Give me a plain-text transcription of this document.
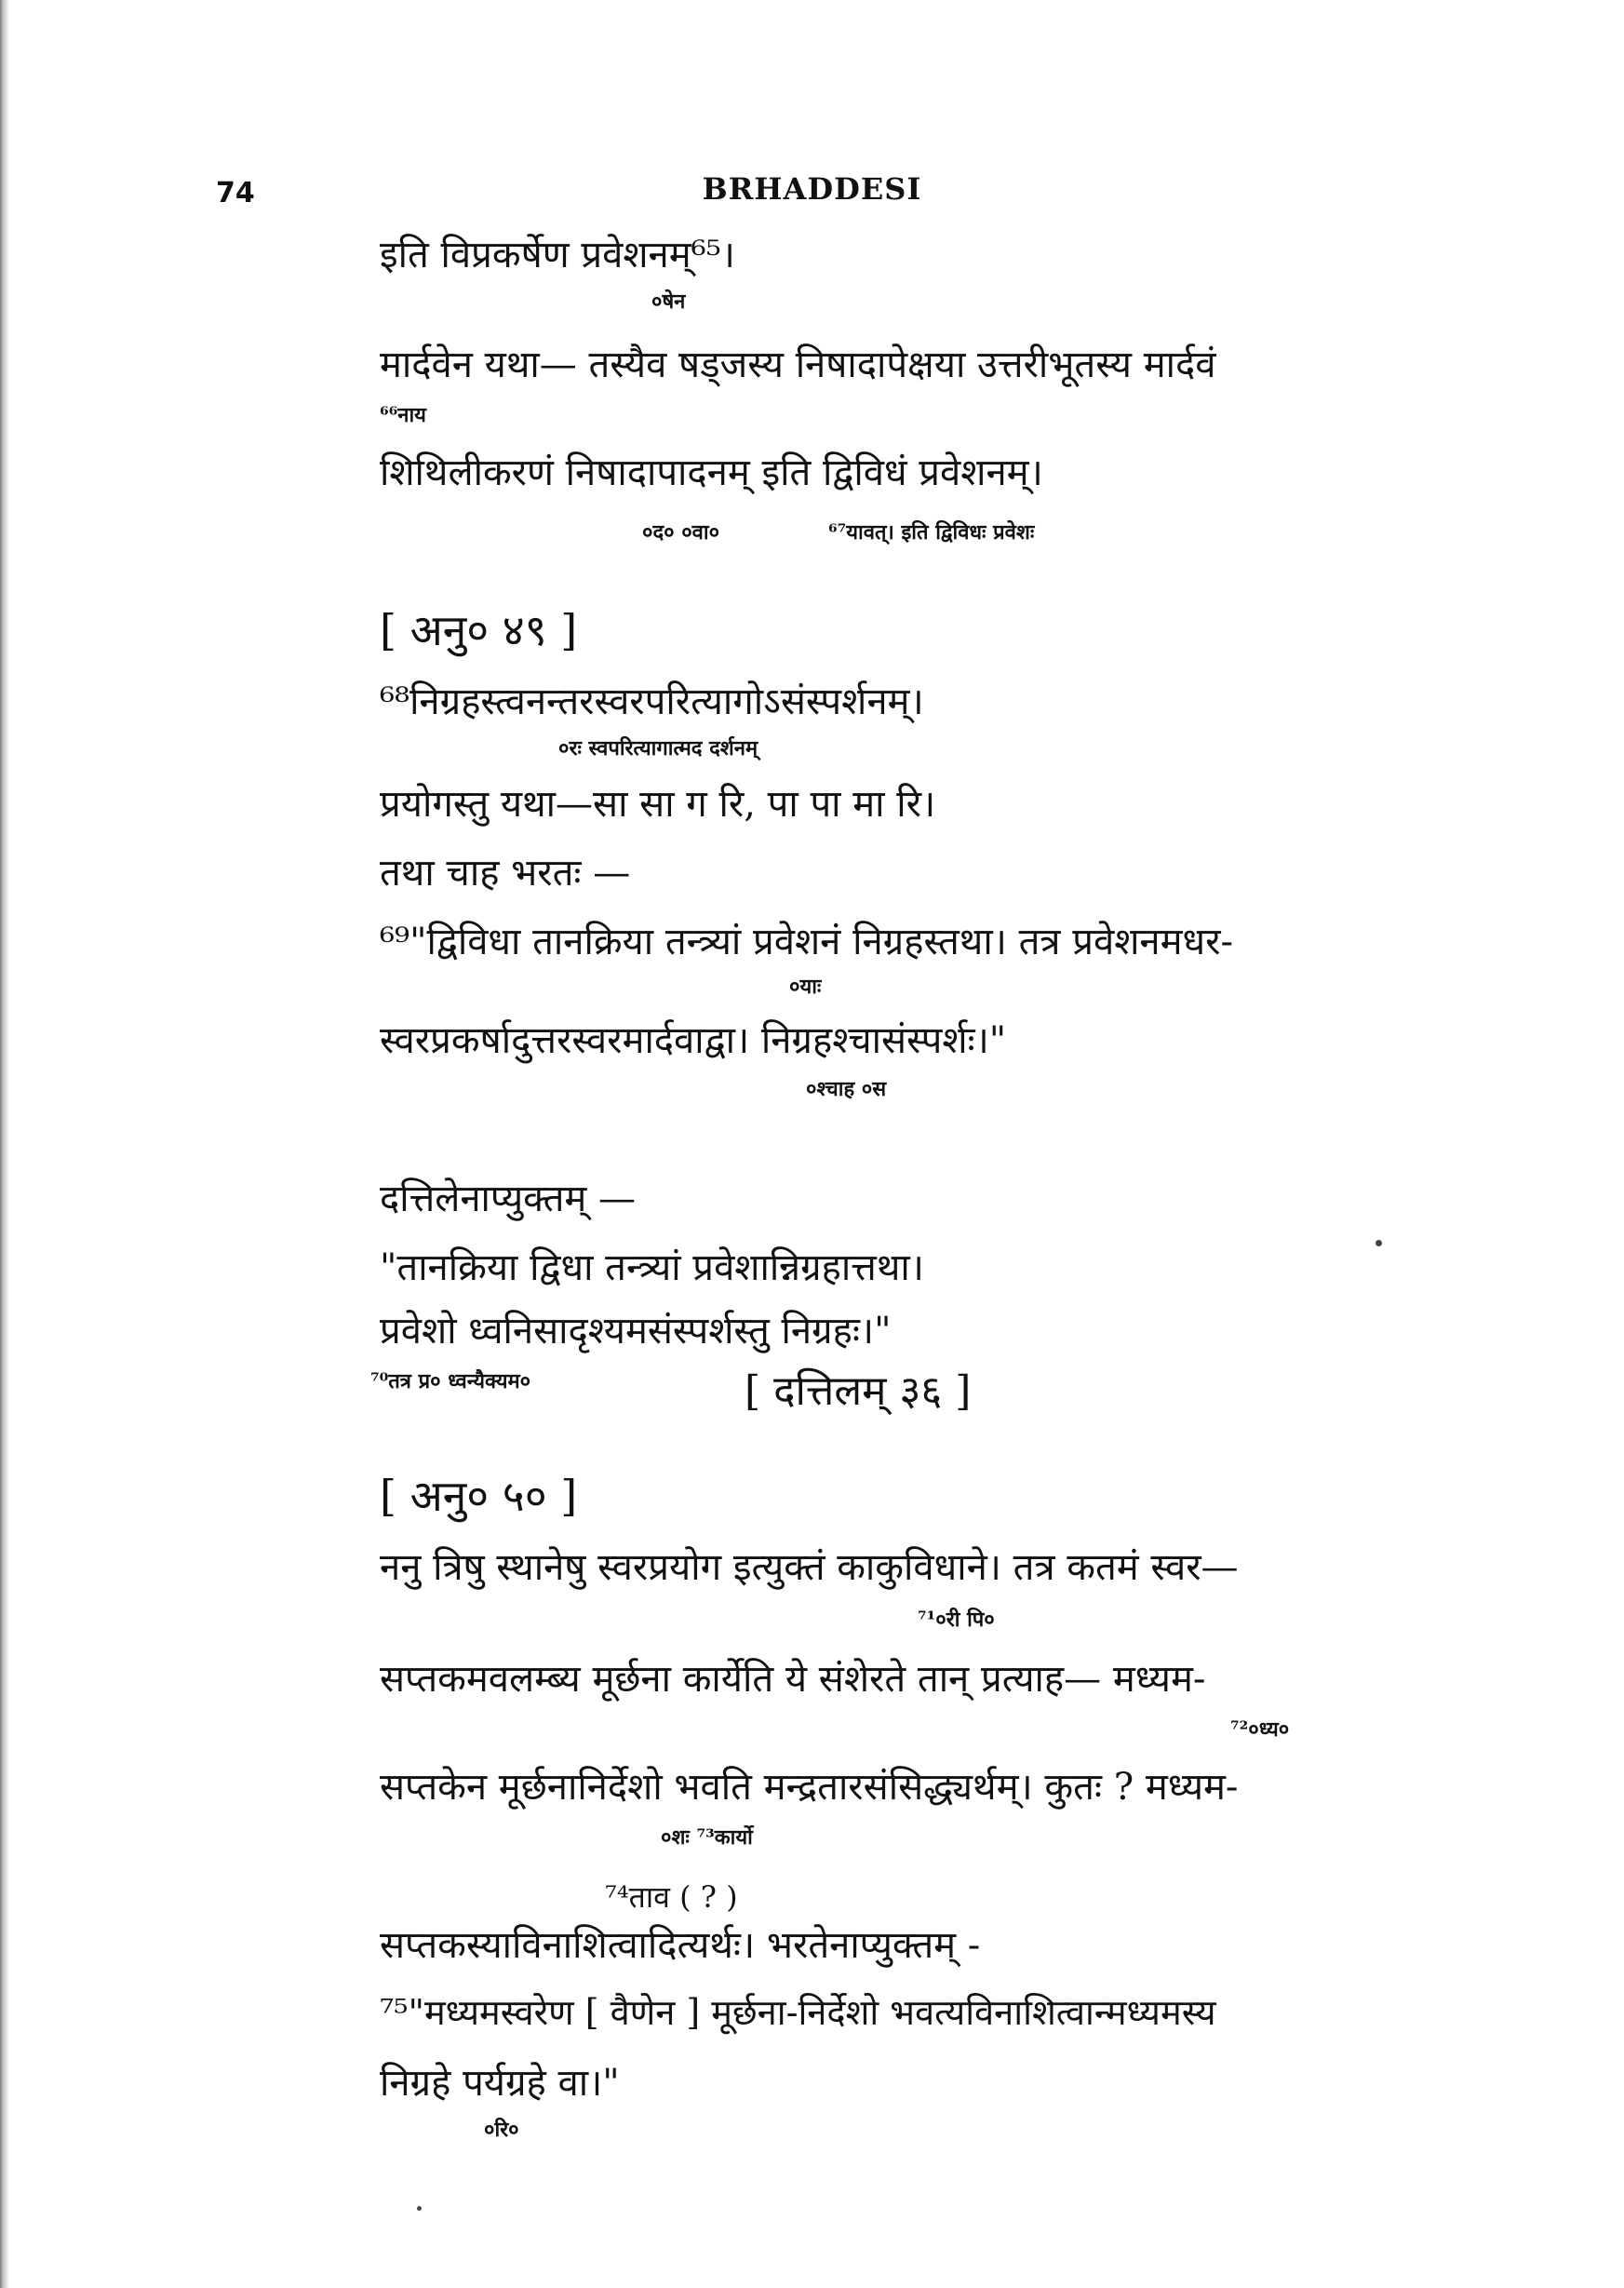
74	BRHADDESI
इति विप्रकर्षेण प्रवेशनम्⁶⁵।
०षेन
मार्दवेन यथा— तस्यैव षड्जस्य निषादापेक्षया उत्तरीभूतस्य मार्दवं
⁶⁶नाय
शिथिलीकरणं निषादापादनम् इति द्विविधं प्रवेशनम्।
०द० ०वा०	⁶⁷यावत्। इति द्विविधः प्रवेशः
[ अनु० ४९ ]
⁶⁸निग्रहस्त्वनन्तरस्वरपरित्यागोऽसंस्पर्शनम्।
०रः स्वपरित्यागात्मद दर्शनम्
प्रयोगस्तु यथा—सा सा ग रि, पा पा मा रि।
तथा चाह भरतः —
⁶⁹"द्विविधा तानक्रिया तन्त्र्यां प्रवेशनं निग्रहस्तथा। तत्र प्रवेशनमधर-
०याः
स्वरप्रकर्षादुत्तरस्वरमार्दवाद्वा। निग्रहश्चासंस्पर्शः।"
०श्चाह ०स
दत्तिलेनाप्युक्तम् —
"तानक्रिया द्विधा तन्त्र्यां प्रवेशान्निग्रहात्तथा।
प्रवेशो ध्वनिसादृश्यमसंस्पर्शस्तु निग्रहः।"
⁷⁰तत्र प्र० ध्वन्यैक्यम०	[ दत्तिलम् ३६ ]
[ अनु० ५० ]
ननु त्रिषु स्थानेषु स्वरप्रयोग इत्युक्तं काकुविधाने। तत्र कतमं स्वर—
⁷¹०री पि०
सप्तकमवलम्ब्य मूर्छना कार्येति ये संशेरते तान् प्रत्याह— मध्यम-
⁷²०ध्य०
सप्तकेन मूर्छनानिर्देशो भवति मन्द्रतारसंसिद्ध्यर्थम्। कुतः ? मध्यम-
०शः ⁷³कार्यो
⁷⁴ताव ( ? )
सप्तकस्याविनाशित्वादित्यर्थः। भरतेनाप्युक्तम् -
⁷⁵"मध्यमस्वरेण [ वैणेन ] मूर्छना-निर्देशो भवत्यविनाशित्वान्मध्यमस्य
निग्रहे पर्यग्रहे वा।"
०रि०
